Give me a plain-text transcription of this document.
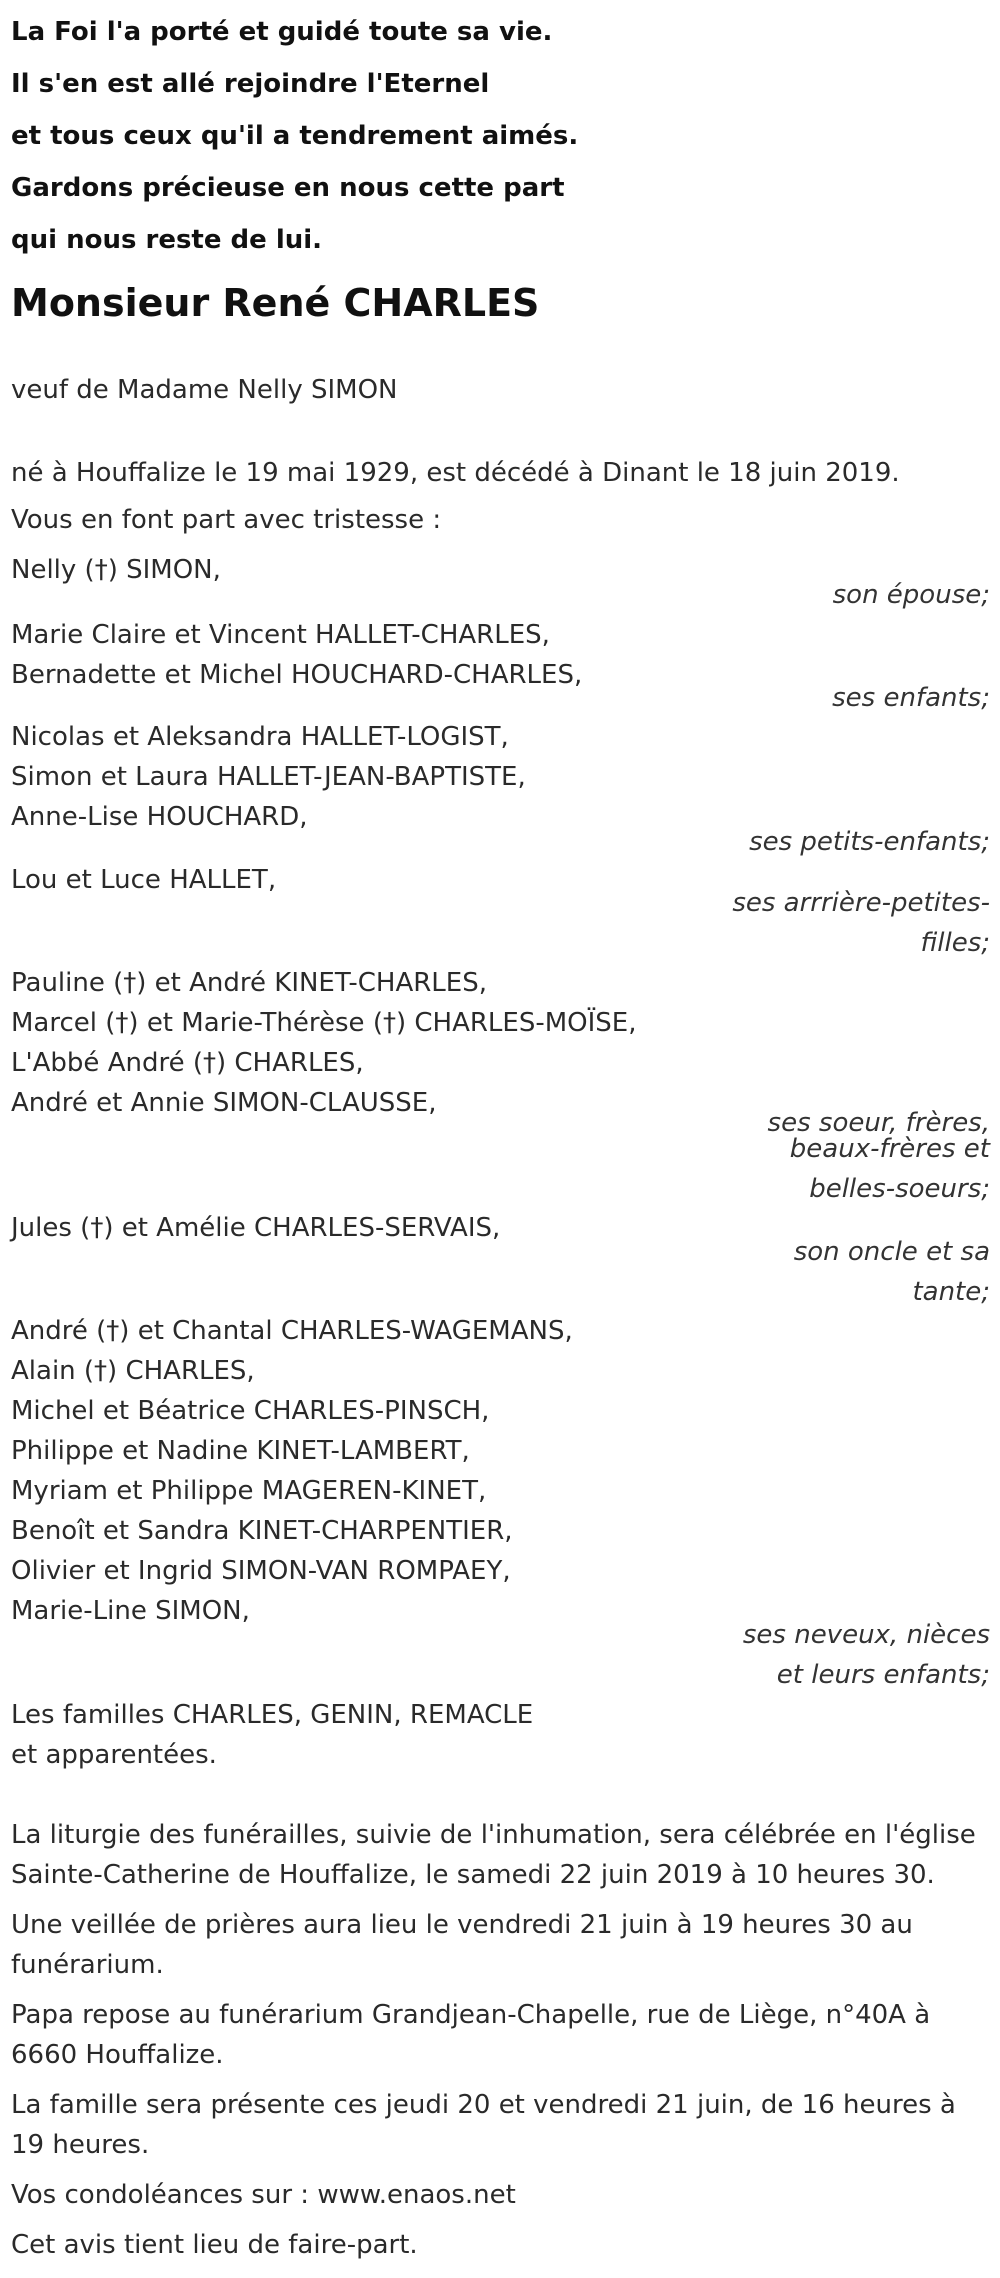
La Foi l'a porté et guidé toute sa vie.
Il s'en est allé rejoindre l'Eternel
et tous ceux qu'il a tendrement aimés.
Gardons précieuse en nous cette part
qui nous reste de lui.
Monsieur René CHARLES
veuf de Madame Nelly SIMON
né à Houffalize le 19 mai 1929, est décédé à Dinant le 18 juin 2019.
Vous en font part avec tristesse :
Nelly (†) SIMON,
son épouse;
Marie Claire et Vincent HALLET-CHARLES,
Bernadette et Michel HOUCHARD-CHARLES,
ses enfants;
Nicolas et Aleksandra HALLET-LOGIST,
Simon et Laura HALLET-JEAN-BAPTISTE,
Anne-Lise HOUCHARD,
ses petits-enfants;
Lou et Luce HALLET,
ses arrrière-petites-
filles;
Pauline (†) et André KINET-CHARLES,
Marcel (†) et Marie-Thérèse (†) CHARLES-MOÏSE,
L'Abbé André (†) CHARLES,
André et Annie SIMON-CLAUSSE,
ses soeur, frères,
beaux-frères et
belles-soeurs;
Jules (†) et Amélie CHARLES-SERVAIS,
son oncle et sa
tante;
André (†) et Chantal CHARLES-WAGEMANS,
Alain (†) CHARLES,
Michel et Béatrice CHARLES-PINSCH,
Philippe et Nadine KINET-LAMBERT,
Myriam et Philippe MAGEREN-KINET,
Benoît et Sandra KINET-CHARPENTIER,
Olivier et Ingrid SIMON-VAN ROMPAEY,
Marie-Line SIMON,
ses neveux, nièces
et leurs enfants;
Les familles CHARLES, GENIN, REMACLE
et apparentées.
La liturgie des funérailles, suivie de l'inhumation, sera célébrée en l'église
Sainte-Catherine de Houffalize, le samedi 22 juin 2019 à 10 heures 30.
Une veillée de prières aura lieu le vendredi 21 juin à 19 heures 30 au
funérarium.
Papa repose au funérarium Grandjean-Chapelle, rue de Liège, n°40A à
6660 Houffalize.
La famille sera présente ces jeudi 20 et vendredi 21 juin, de 16 heures à
19 heures.
Vos condoléances sur : www.enaos.net
Cet avis tient lieu de faire-part.
